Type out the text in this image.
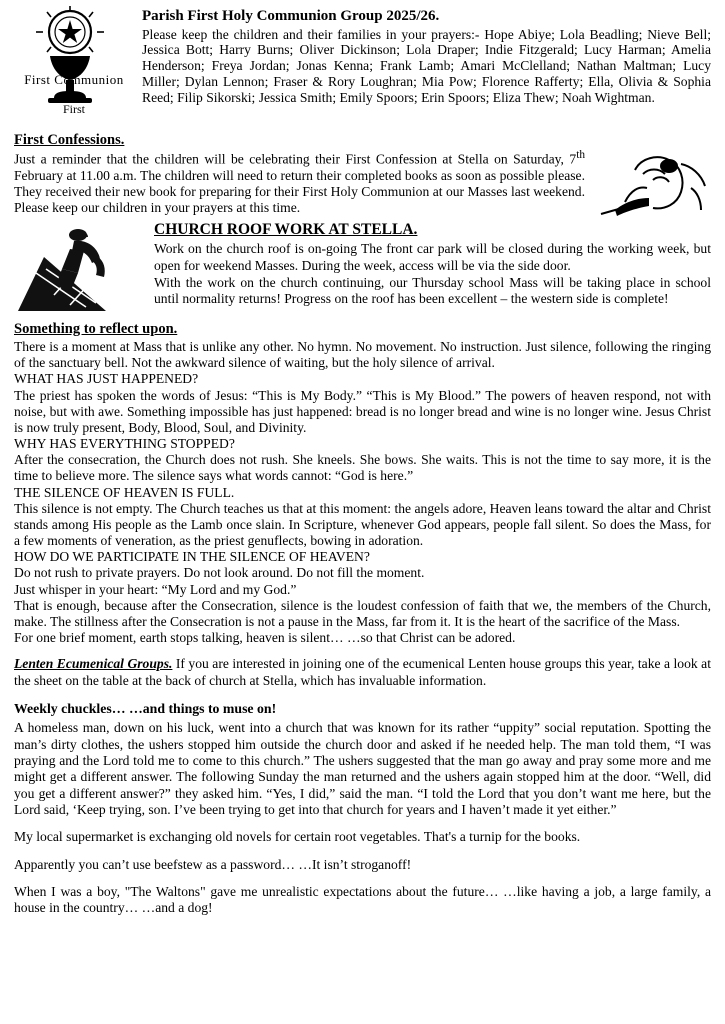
First
Parish First Holy Communion Group 2025/26.

Please keep the children and their families in your prayers:- Hope Abiye; Lola Beadling; Nieve Bell; Jessica Bott; Harry Burns; Oliver Dickinson; Lola Draper; Indie Fitzgerald; Lucy Harman; Amelia Henderson; Freya Jordan; Jonas Kenna; Frank Lamb; Amari McClelland; Nathan Maltman; Lucy Miller; Dylan Lennon; Fraser & Rory Loughran; Mia Pow; Florence Rafferty; Ella, Olivia & Sophia Reed; Filip Sikorski; Jessica Smith; Emily Spoors; Erin Spoors; Eliza Thew; Noah Wightman.

First Communion
First Confessions.
Just a reminder that the children will be celebrating their First Confession at Stella on Saturday, 7th February at 11.00 a.m. The children will need to return their completed books as soon as possible please. They received their new book for preparing for their First Holy Communion at our Masses last weekend. Please keep our children in your prayers at this time.
CHURCH ROOF WORK AT STELLA.

Work on the church roof is on-going The front car park will be closed during the working week, but open for weekend Masses. During the week, access will be via the side door.

With the work on the church continuing, our Thursday school Mass will be taking place in school until normality returns! Progress on the roof has been excellent – the western side is complete!
Something to reflect upon.

There is a moment at Mass that is unlike any other. No hymn. No movement. No instruction. Just silence, following the ringing of the sanctuary bell. Not the awkward silence of waiting, but the holy silence of arrival.

WHAT HAS JUST HAPPENED?

The priest has spoken the words of Jesus: “This is My Body.” “This is My Blood.” The powers of heaven respond, not with noise, but with awe. Something impossible has just happened: bread is no longer bread and wine is no longer wine. Jesus Christ is now truly present, Body, Blood, Soul, and Divinity.

WHY HAS EVERYTHING STOPPED?

After the consecration, the Church does not rush. She kneels. She bows. She waits. This is not the time to say more, it is the time to believe more. The silence says what words cannot: “God is here.”

THE SILENCE OF HEAVEN IS FULL.

This silence is not empty. The Church teaches us that at this moment: the angels adore, Heaven leans toward the altar and Christ stands among His people as the Lamb once slain. In Scripture, whenever God appears, people fall silent. So does the Mass, for a few moments of veneration, as the priest genuflects, bowing in adoration.

HOW DO WE PARTICIPATE IN THE SILENCE OF HEAVEN?

Do not rush to private prayers. Do not look around. Do not fill the moment.

Just whisper in your heart: “My Lord and my God.”

That is enough, because after the Consecration, silence is the loudest confession of faith that we, the members of the Church, make. The stillness after the Consecration is not a pause in the Mass, far from it. It is the heart of the sacrifice of the Mass.

For one brief moment, earth stops talking, heaven is silent… …so that Christ can be adored.

Lenten Ecumenical Groups. If you are interested in joining one of the ecumenical Lenten house groups this year, take a look at the sheet on the table at the back of church at Stella, which has invaluable information.

Weekly chuckles… …and things to muse on!

A homeless man, down on his luck, went into a church that was known for its rather “uppity” social reputation. Spotting the man’s dirty clothes, the ushers stopped him outside the church door and asked if he needed help. The man told them, “I was praying and the Lord told me to come to this church.” The ushers suggested that the man go away and pray some more and me might get a different answer. The following Sunday the man returned and the ushers again stopped him at the door. “Well, did you get a different answer?” they asked him. “Yes, I did,” said the man. “I told the Lord that you don’t want me here, but the Lord said, ‘Keep trying, son. I’ve been trying to get into that church for years and I haven’t made it yet either.”

My local supermarket is exchanging old novels for certain root vegetables. That's a turnip for the books.

Apparently you can’t use beefstew as a password… …It isn’t stroganoff!

When I was a boy, "The Waltons" gave me unrealistic expectations about the future… …like having a job, a large family, a house in the country… …and a dog!
